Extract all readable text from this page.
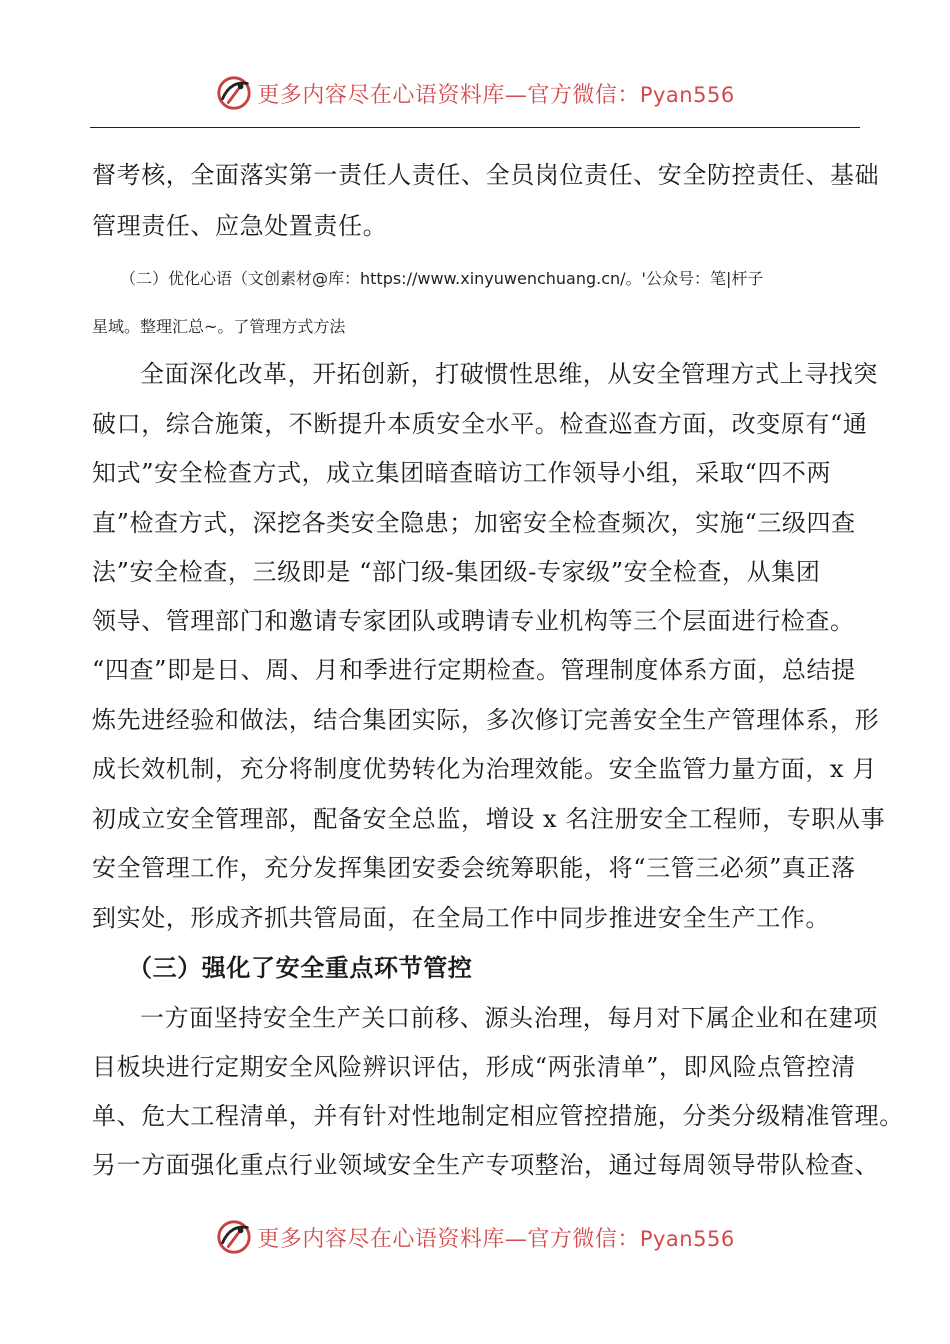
更多内容尽在心语资料库—官方微信：Pyan556
督考核，全面落实第一责任人责任、全员岗位责任、安全防控责任、基础
管理责任、应急处置责任。
（二）优化心语（文创素材@库：https://www.xinyuwenchuang.cn/。'公众号：笔|杆子
星域。整理汇总~。了管理方式方法
全面深化改革，开拓创新，打破惯性思维，从安全管理方式上寻找突
破口，综合施策，不断提升本质安全水平。检查巡查方面，改变原有“通
知式”安全检查方式，成立集团暗查暗访工作领导小组，采取“四不两
直”检查方式，深挖各类安全隐患；加密安全检查频次，实施“三级四查
法”安全检查，三级即是 “部门级-集团级-专家级”安全检查，从集团
领导、管理部门和邀请专家团队或聘请专业机构等三个层面进行检查。
“四查”即是日、周、月和季进行定期检查。管理制度体系方面，总结提
炼先进经验和做法，结合集团实际，多次修订完善安全生产管理体系，形
成长效机制，充分将制度优势转化为治理效能。安全监管力量方面，x 月
初成立安全管理部，配备安全总监，增设 x 名注册安全工程师，专职从事
安全管理工作，充分发挥集团安委会统筹职能，将“三管三必须”真正落
到实处，形成齐抓共管局面，在全局工作中同步推进安全生产工作。
（三）强化了安全重点环节管控
一方面坚持安全生产关口前移、源头治理，每月对下属企业和在建项
目板块进行定期安全风险辨识评估，形成“两张清单”，即风险点管控清
单、危大工程清单，并有针对性地制定相应管控措施，分类分级精准管理。
另一方面强化重点行业领域安全生产专项整治，通过每周领导带队检查、
更多内容尽在心语资料库—官方微信：Pyan556
